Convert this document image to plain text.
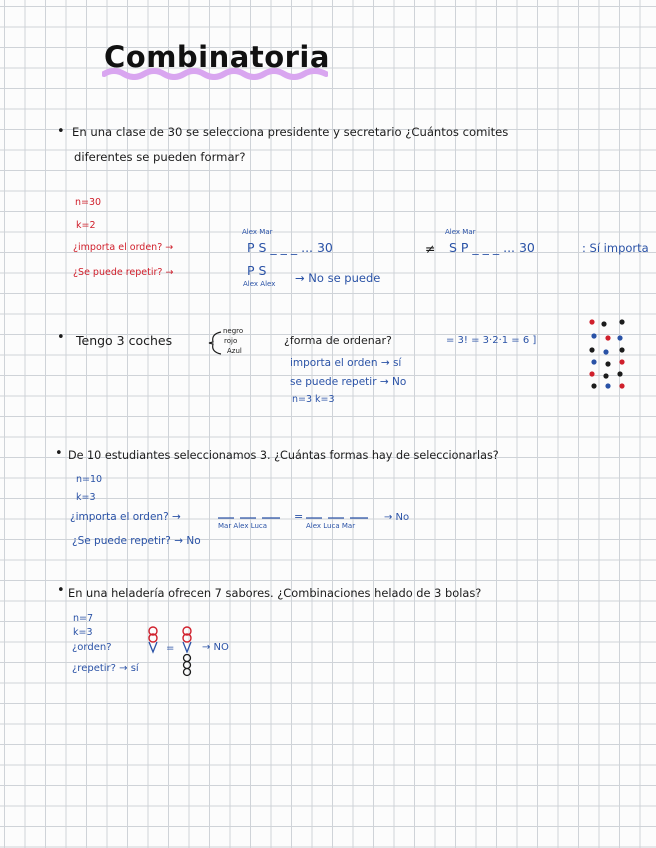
Combinatoria
• En una clase de 30 se selecciona presidente y secretario ¿Cuántos comites
diferentes se pueden formar?
n=30
k=2
¿importa el orden? →
¿Se puede repetir? →
Alex Mar
P S _ _ _ ... 30	≠
Alex Mar
S P _ _ _ ... 30	: Sí importa
P S
Alex Alex → No se puede
• Tengo 3 coches
negro
rojo
Azul
¿forma de ordenar?	= 3! = 3·2·1 = 6 ]
importa el orden → sí
se puede repetir → No
n=3 k=3
• De 10 estudiantes seleccionamos 3. ¿Cuántas formas hay de seleccionarlas?
n=10
k=3
¿importa el orden? →
Mar Alex Luca
=
Alex Luca Mar
→ No
¿Se puede repetir? → No
• En una heladería ofrecen 7 sabores. ¿Combinaciones helado de 3 bolas?
n=7
k=3
¿orden?	=	→ NO
¿repetir? → sí
